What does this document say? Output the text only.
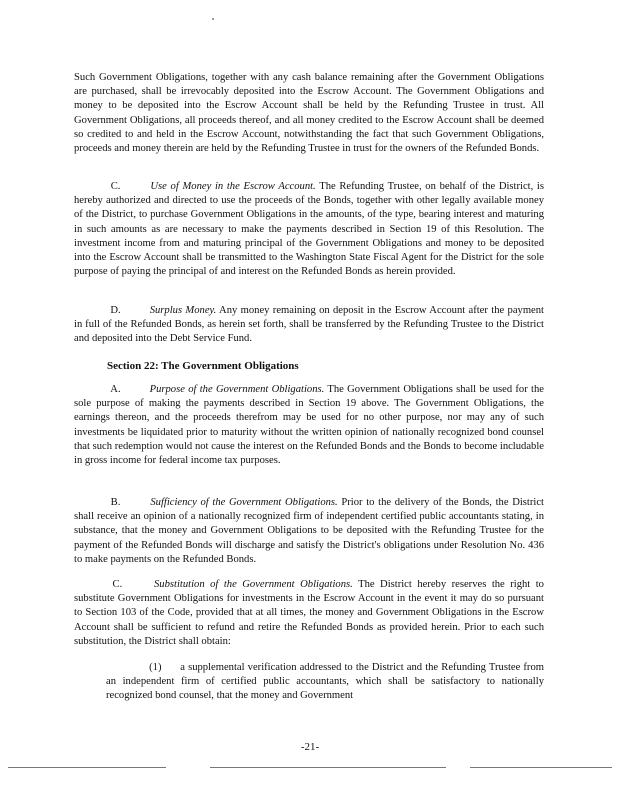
Such Government Obligations, together with any cash balance remaining after the Government Obligations are purchased, shall be irrevocably deposited into the Escrow Account. The Government Obligations and money to be deposited into the Escrow Account shall be held by the Refunding Trustee in trust. All Government Obligations, all proceeds thereof, and all money credited to the Escrow Account shall be deemed so credited to and held in the Escrow Account, notwithstanding the fact that such Government Obligations, proceeds and money therein are held by the Refunding Trustee in trust for the owners of the Refunded Bonds.
C.	Use of Money in the Escrow Account. The Refunding Trustee, on behalf of the District, is hereby authorized and directed to use the proceeds of the Bonds, together with other legally available money of the District, to purchase Government Obligations in the amounts, of the type, bearing interest and maturing in such amounts as are necessary to make the payments described in Section 19 of this Resolution. The investment income from and maturing principal of the Government Obligations and money to be deposited into the Escrow Account shall be transmitted to the Washington State Fiscal Agent for the District for the sole purpose of paying the principal of and interest on the Refunded Bonds as herein provided.
D.	Surplus Money. Any money remaining on deposit in the Escrow Account after the payment in full of the Refunded Bonds, as herein set forth, shall be transferred by the Refunding Trustee to the District and deposited into the Debt Service Fund.
Section 22: The Government Obligations
A.	Purpose of the Government Obligations. The Government Obligations shall be used for the sole purpose of making the payments described in Section 19 above. The Government Obligations, the earnings thereon, and the proceeds therefrom may be used for no other purpose, nor may any of such investments be liquidated prior to maturity without the written opinion of nationally recognized bond counsel that such redemption would not cause the interest on the Refunded Bonds and the Bonds to become includable in gross income for federal income tax purposes.
B.	Sufficiency of the Government Obligations. Prior to the delivery of the Bonds, the District shall receive an opinion of a nationally recognized firm of independent certified public accountants stating, in substance, that the money and Government Obligations to be deposited with the Refunding Trustee for the payment of the Refunded Bonds will discharge and satisfy the District's obligations under Resolution No. 436 to make payments on the Refunded Bonds.
C.	Substitution of the Government Obligations. The District hereby reserves the right to substitute Government Obligations for investments in the Escrow Account in the event it may do so pursuant to Section 103 of the Code, provided that at all times, the money and Government Obligations in the Escrow Account shall be sufficient to refund and retire the Refunded Bonds as provided herein. Prior to each such substitution, the District shall obtain:
(1) a supplemental verification addressed to the District and the Refunding Trustee from an independent firm of certified public accountants, which shall be satisfactory to nationally recognized bond counsel, that the money and Government
-21-
